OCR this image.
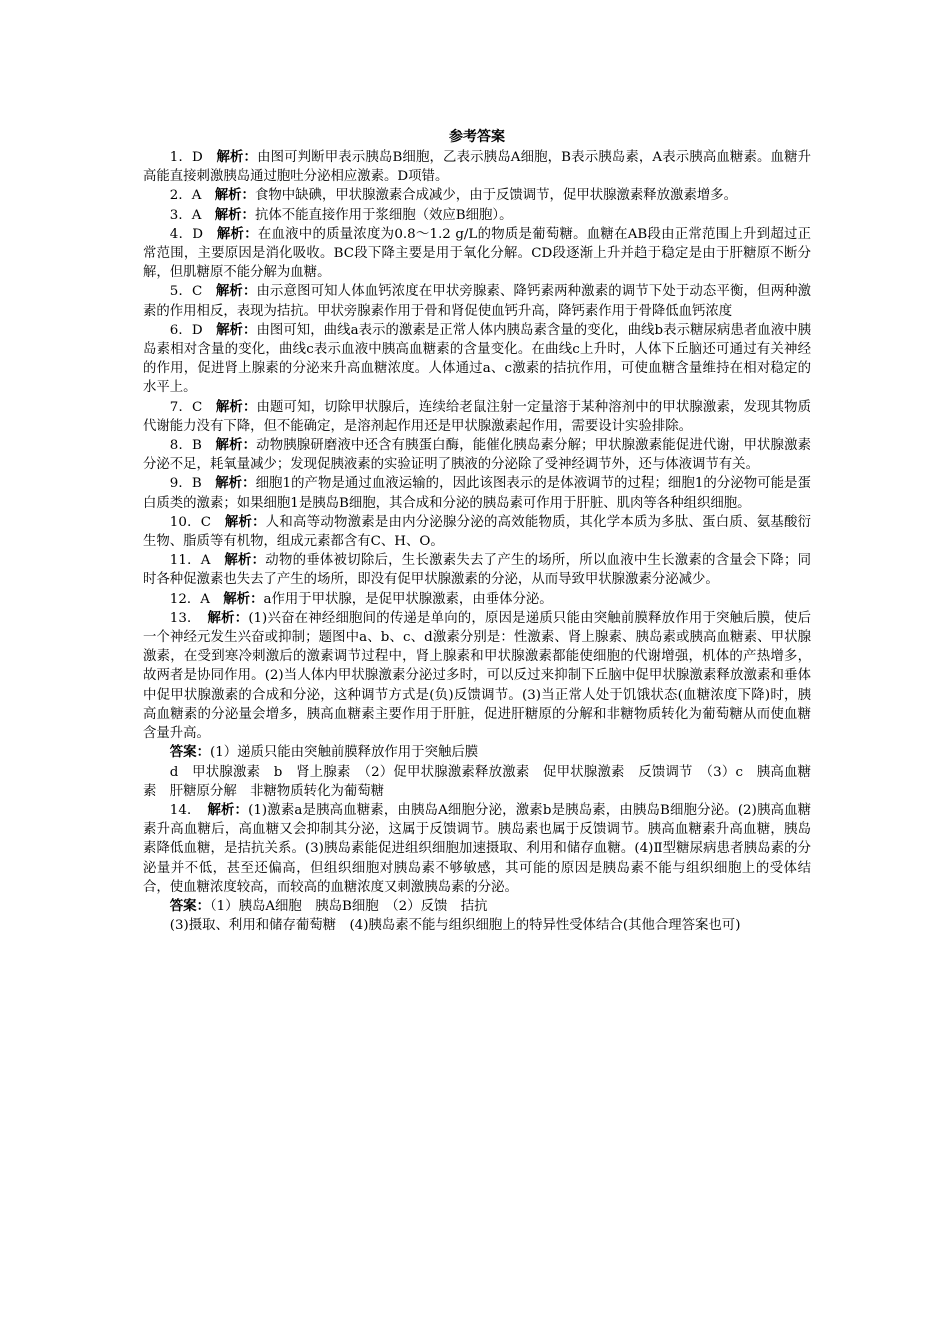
参考答案

1．D　 解析：由图可判断甲表示胰岛B细胞，乙表示胰岛A细胞，B表示胰岛素，A表示胰高血糖素。血糖升高能直接刺激胰岛通过胞吐分泌相应激素。D项错。

2．A　 解析：食物中缺碘，甲状腺激素合成减少，由于反馈调节，促甲状腺激素释放激素增多。

3．A　 解析：抗体不能直接作用于浆细胞（效应B细胞）。

4．D　 解析：在血液中的质量浓度为0.8～1.2 g/L的物质是葡萄糖。血糖在AB段由正常范围上升到超过正常范围，主要原因是消化吸收。BC段下降主要是用于氧化分解。CD段逐渐上升并趋于稳定是由于肝糖原不断分解，但肌糖原不能分解为血糖。

5．C　 解析：由示意图可知人体血钙浓度在甲状旁腺素、降钙素两种激素的调节下处于动态平衡，但两种激素的作用相反，表现为拮抗。甲状旁腺素作用于骨和肾促使血钙升高，降钙素作用于骨降低血钙浓度

6．D　 解析：由图可知，曲线a表示的激素是正常人体内胰岛素含量的变化，曲线b表示糖尿病患者血液中胰岛素相对含量的变化，曲线c表示血液中胰高血糖素的含量变化。在曲线c上升时，人体下丘脑还可通过有关神经的作用，促进肾上腺素的分泌来升高血糖浓度。人体通过a、c激素的拮抗作用，可使血糖含量维持在相对稳定的水平上。

7．C　 解析：由题可知，切除甲状腺后，连续给老鼠注射一定量溶于某种溶剂中的甲状腺激素，发现其物质代谢能力没有下降，但不能确定，是溶剂起作用还是甲状腺激素起作用，需要设计实验排除。

8．B　 解析：动物胰腺研磨液中还含有胰蛋白酶，能催化胰岛素分解；甲状腺激素能促进代谢，甲状腺激素分泌不足，耗氧量减少；发现促胰液素的实验证明了胰液的分泌除了受神经调节外，还与体液调节有关。

9．B　 解析：细胞1的产物是通过血液运输的，因此该图表示的是体液调节的过程；细胞1的分泌物可能是蛋白质类的激素；如果细胞1是胰岛B细胞，其合成和分泌的胰岛素可作用于肝脏、肌肉等各种组织细胞。

10．C　 解析：人和高等动物激素是由内分泌腺分泌的高效能物质，其化学本质为多肽、蛋白质、氨基酸衍生物、脂质等有机物，组成元素都含有C、H、O。

11．A　 解析：动物的垂体被切除后，生长激素失去了产生的场所，所以血液中生长激素的含量会下降；同时各种促激素也失去了产生的场所，即没有促甲状腺激素的分泌，从而导致甲状腺激素分泌减少。

12．A　 解析：a作用于甲状腺，是促甲状腺激素，由垂体分泌。

13．　 解析：(1)兴奋在神经细胞间的传递是单向的，原因是递质只能由突触前膜释放作用于突触后膜，使后一个神经元发生兴奋或抑制；题图中a、b、c、d激素分别是：性激素、肾上腺素、胰岛素或胰高血糖素、甲状腺激素，在受到寒冷刺激后的激素调节过程中，肾上腺素和甲状腺激素都能使细胞的代谢增强，机体的产热增多，故两者是协同作用。(2)当人体内甲状腺激素分泌过多时，可以反过来抑制下丘脑中促甲状腺激素释放激素和垂体中促甲状腺激素的合成和分泌，这种调节方式是(负)反馈调节。(3)当正常人处于饥饿状态(血糖浓度下降)时，胰高血糖素的分泌量会增多，胰高血糖素主要作用于肝脏，促进肝糖原的分解和非糖物质转化为葡萄糖从而使血糖含量升高。

答案：(1）递质只能由突触前膜释放作用于突触后膜

d　甲状腺激素　b　肾上腺素　（2）促甲状腺激素释放激素　促甲状腺激素　反馈调节　（3）c　胰高血糖素　肝糖原分解　非糖物质转化为葡萄糖

14．　 解析：(1)激素a是胰高血糖素，由胰岛A细胞分泌，激素b是胰岛素，由胰岛B细胞分泌。(2)胰高血糖素升高血糖后，高血糖又会抑制其分泌，这属于反馈调节。胰岛素也属于反馈调节。胰高血糖素升高血糖，胰岛素降低血糖，是拮抗关系。(3)胰岛素能促进组织细胞加速摄取、利用和储存血糖。(4)Ⅱ型糖尿病患者胰岛素的分泌量并不低，甚至还偏高，但组织细胞对胰岛素不够敏感，其可能的原因是胰岛素不能与组织细胞上的受体结合，使血糖浓度较高，而较高的血糖浓度又刺激胰岛素的分泌。

答案：（1）胰岛A细胞　胰岛B细胞　（2）反馈　拮抗

(3)摄取、利用和储存葡萄糖　(4)胰岛素不能与组织细胞上的特异性受体结合(其他合理答案也可)
